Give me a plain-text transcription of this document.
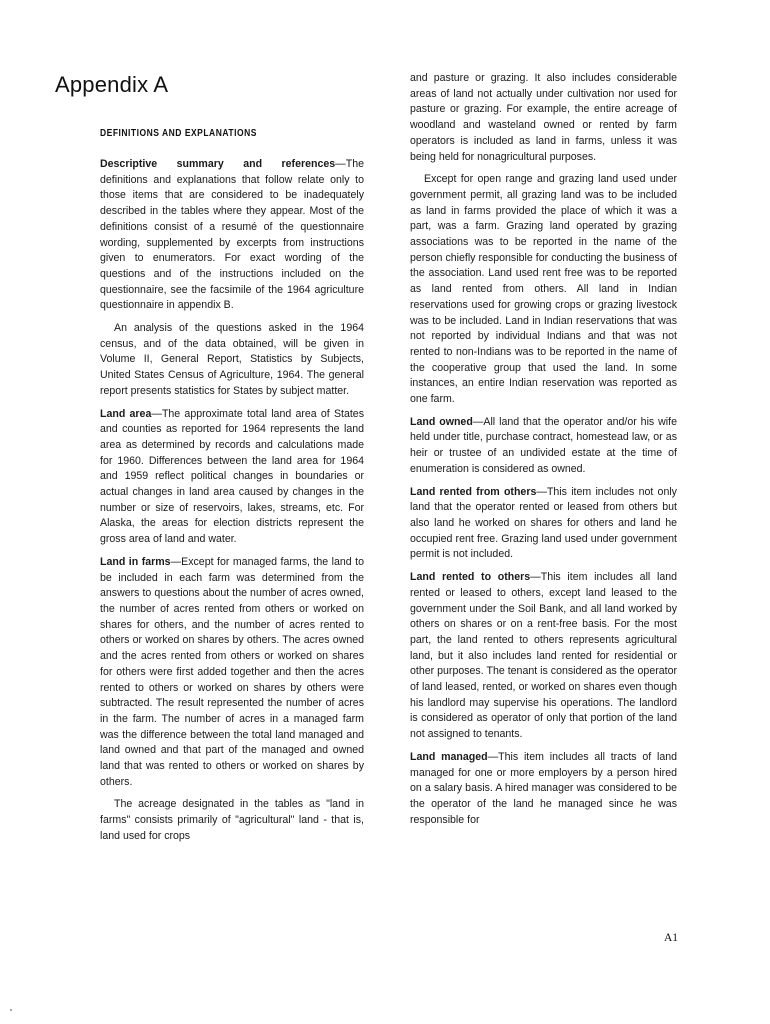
Appendix A
DEFINITIONS AND EXPLANATIONS

Descriptive summary and references—The definitions and explanations that follow relate only to those items that are considered to be inadequately described in the tables where they appear. Most of the definitions consist of a resumé of the questionnaire wording, supplemented by excerpts from instructions given to enumerators. For exact wording of the questions and of the instructions included on the questionnaire, see the facsimile of the 1964 agriculture questionnaire in appendix B.

An analysis of the questions asked in the 1964 census, and of the data obtained, will be given in Volume II, General Report, Statistics by Subjects, United States Census of Agriculture, 1964. The general report presents statistics for States by subject matter.

Land area—The approximate total land area of States and counties as reported for 1964 represents the land area as determined by records and calculations made for 1960. Differences between the land area for 1964 and 1959 reflect political changes in boundaries or actual changes in land area caused by changes in the number or size of reservoirs, lakes, streams, etc. For Alaska, the areas for election districts represent the gross area of land and water.

Land in farms—Except for managed farms, the land to be included in each farm was determined from the answers to questions about the number of acres owned, the number of acres rented from others or worked on shares for others, and the number of acres rented to others or worked on shares by others. The acres owned and the acres rented from others or worked on shares for others were first added together and then the acres rented to others or worked on shares by others were subtracted. The result represented the number of acres in the farm. The number of acres in a managed farm was the difference between the total land managed and land owned and that part of the managed and owned land that was rented to others or worked on shares by others.

The acreage designated in the tables as "land in farms" consists primarily of "agricultural" land - that is, land used for crops

and pasture or grazing. It also includes considerable areas of land not actually under cultivation nor used for pasture or grazing. For example, the entire acreage of woodland and wasteland owned or rented by farm operators is included as land in farms, unless it was being held for nonagricultural purposes.

Except for open range and grazing land used under government permit, all grazing land was to be included as land in farms provided the place of which it was a part, was a farm. Grazing land operated by grazing associations was to be reported in the name of the person chiefly responsible for conducting the business of the association. Land used rent free was to be reported as land rented from others. All land in Indian reservations used for growing crops or grazing livestock was to be included. Land in Indian reservations that was not reported by individual Indians and that was not rented to non-Indians was to be reported in the name of the cooperative group that used the land. In some instances, an entire Indian reservation was reported as one farm.

Land owned—All land that the operator and/or his wife held under title, purchase contract, homestead law, or as heir or trustee of an undivided estate at the time of enumeration is considered as owned.

Land rented from others—This item includes not only land that the operator rented or leased from others but also land he worked on shares for others and land he occupied rent free. Grazing land used under government permit is not included.

Land rented to others—This item includes all land rented or leased to others, except land leased to the government under the Soil Bank, and all land worked by others on shares or on a rent-free basis. For the most part, the land rented to others represents agricultural land, but it also includes land rented for residential or other purposes. The tenant is considered as the operator of land leased, rented, or worked on shares even though his landlord may supervise his operations. The landlord is considered as operator of only that portion of the land not assigned to tenants.

Land managed—This item includes all tracts of land managed for one or more employers by a person hired on a salary basis. A hired manager was considered to be the operator of the land he managed since he was responsible for

A1
